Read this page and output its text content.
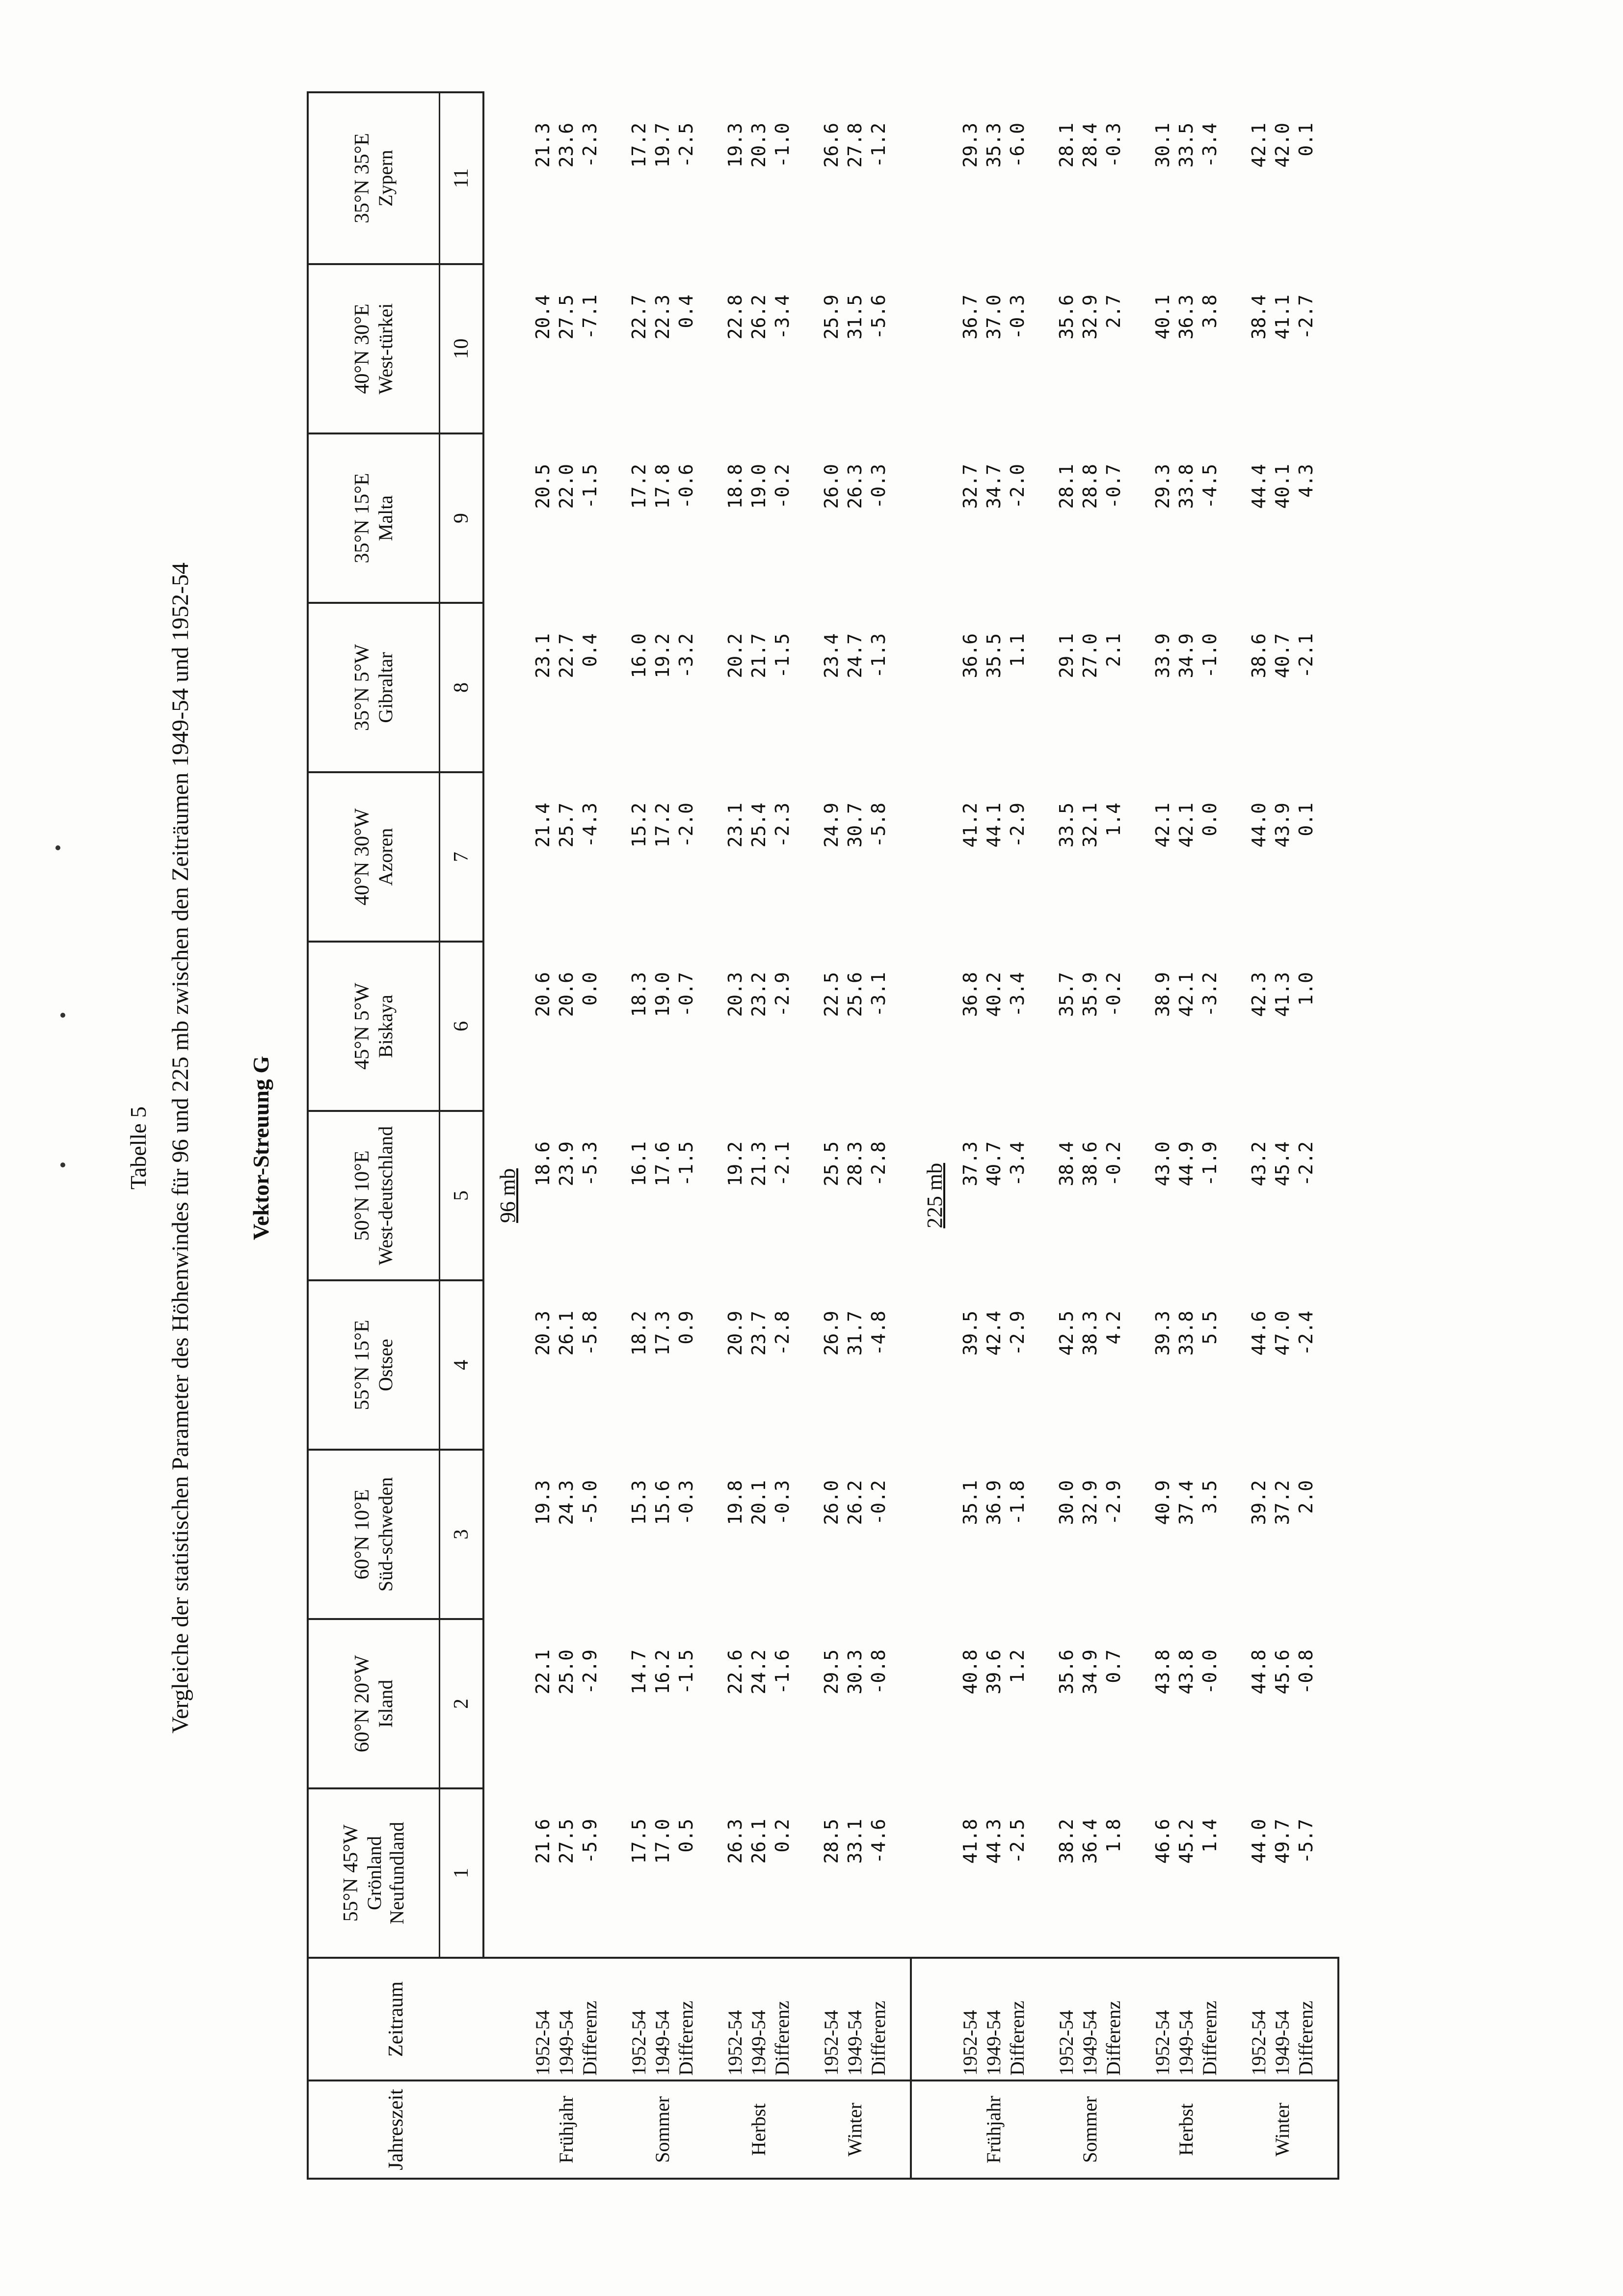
Tabelle 5 Vergleiche der statistischen Parameter des Höhenwindes für 96 und 225 mb zwischen den Zeiträumen 1949-54 und 1952-54 Vektor-Streuung G
Jahreszeit	Zeitraum	55°N 45°W Grönland Neufundland	60°N 20°W Island	60°N 10°E Süd-schweden	55°N 15°E Ostsee	50°N 10°E West-deutschland	45°N 5°W Biskaya	40°N 30°W Azoren	35°N 5°W Gibraltar	35°N 15°E Malta	40°N 30°E West-türkei	35°N 35°E Zypern

		1	2	3	4	5	6	7	8	9	10	11
						96 mb						
Frühjahr	1952-54	21.6	22.1	19.3	20.3	18.6	20.6	21.4	23.1	20.5	20.4	21.3
	1949-54	27.5	25.0	24.3	26.1	23.9	20.6	25.7	22.7	22.0	27.5	23.6
	Differenz	-5.9	-2.9	-5.0	-5.8	-5.3	0.0	-4.3	0.4	-1.5	-7.1	-2.3

Sommer	1952-54	17.5	14.7	15.3	18.2	16.1	18.3	15.2	16.0	17.2	22.7	17.2
	1949-54	17.0	16.2	15.6	17.3	17.6	19.0	17.2	19.2	17.8	22.3	19.7
	Differenz	0.5	-1.5	-0.3	0.9	-1.5	-0.7	-2.0	-3.2	-0.6	0.4	-2.5

Herbst	1952-54	26.3	22.6	19.8	20.9	19.2	20.3	23.1	20.2	18.8	22.8	19.3
	1949-54	26.1	24.2	20.1	23.7	21.3	23.2	25.4	21.7	19.0	26.2	20.3
	Differenz	0.2	-1.6	-0.3	-2.8	-2.1	-2.9	-2.3	-1.5	-0.2	-3.4	-1.0

Winter	1952-54	28.5	29.5	26.0	26.9	25.5	22.5	24.9	23.4	26.0	25.9	26.6
	1949-54	33.1	30.3	26.2	31.7	28.3	25.6	30.7	24.7	26.3	31.5	27.8
	Differenz	-4.6	-0.8	-0.2	-4.8	-2.8	-3.1	-5.8	-1.3	-0.3	-5.6	-1.2

						225 mb						
Frühjahr	1952-54	41.8	40.8	35.1	39.5	37.3	36.8	41.2	36.6	32.7	36.7	29.3
	1949-54	44.3	39.6	36.9	42.4	40.7	40.2	44.1	35.5	34.7	37.0	35.3
	Differenz	-2.5	1.2	-1.8	-2.9	-3.4	-3.4	-2.9	1.1	-2.0	-0.3	-6.0

Sommer	1952-54	38.2	35.6	30.0	42.5	38.4	35.7	33.5	29.1	28.1	35.6	28.1
	1949-54	36.4	34.9	32.9	38.3	38.6	35.9	32.1	27.0	28.8	32.9	28.4
	Differenz	1.8	0.7	-2.9	4.2	-0.2	-0.2	1.4	2.1	-0.7	2.7	-0.3

Herbst	1952-54	46.6	43.8	40.9	39.3	43.0	38.9	42.1	33.9	29.3	40.1	30.1
	1949-54	45.2	43.8	37.4	33.8	44.9	42.1	42.1	34.9	33.8	36.3	33.5
	Differenz	1.4	-0.0	3.5	5.5	-1.9	-3.2	0.0	-1.0	-4.5	3.8	-3.4

Winter	1952-54	44.0	44.8	39.2	44.6	43.2	42.3	44.0	38.6	44.4	38.4	42.1
	1949-54	49.7	45.6	37.2	47.0	45.4	41.3	43.9	40.7	40.1	41.1	42.0
	Differenz	-5.7	-0.8	2.0	-2.4	-2.2	1.0	0.1	-2.1	4.3	-2.7	0.1
